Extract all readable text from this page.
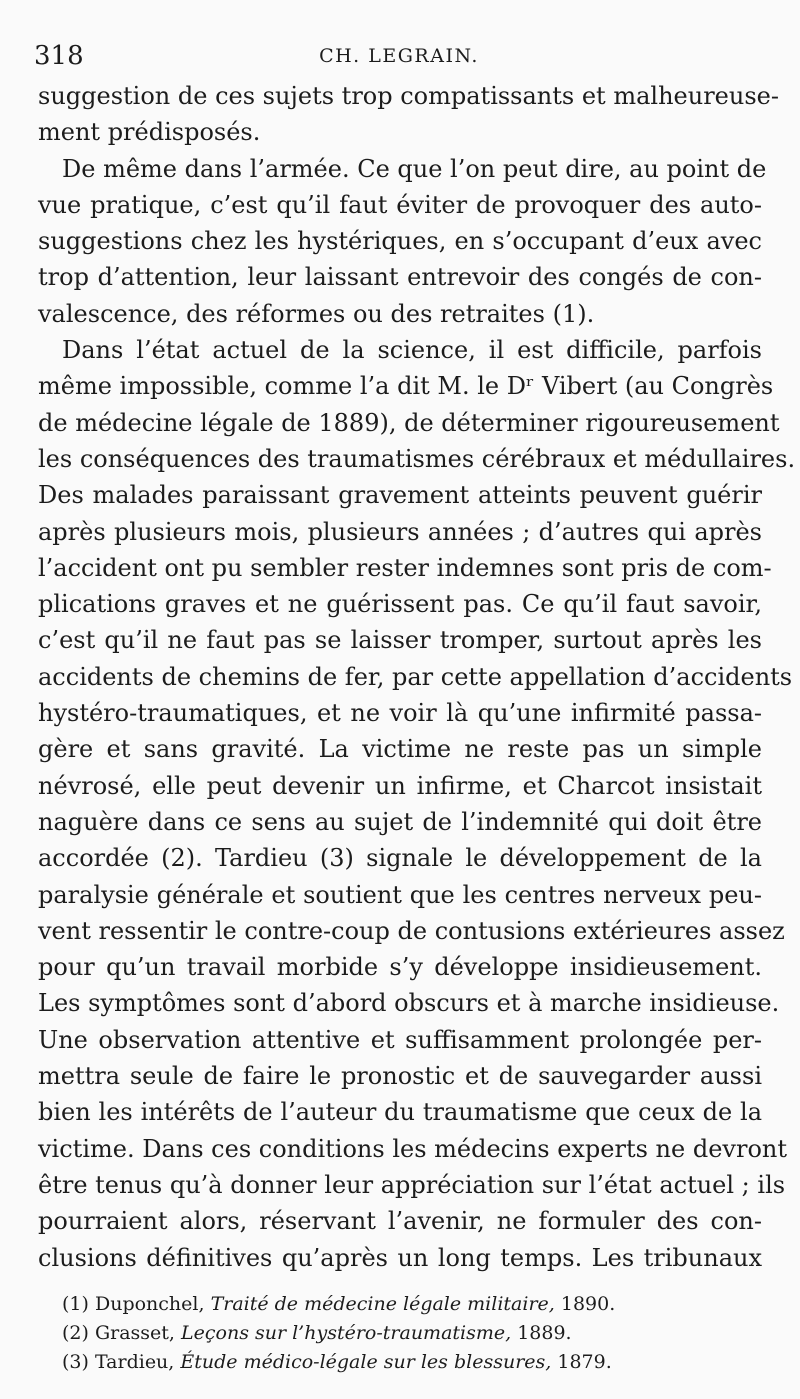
318	CH. LEGRAIN.
suggestion de ces sujets trop compatissants et malheureuse-
ment prédisposés.
De même dans l’armée. Ce que l’on peut dire, au point de
vue pratique, c’est qu’il faut éviter de provoquer des auto-
suggestions chez les hystériques, en s’occupant d’eux avec
trop d’attention, leur laissant entrevoir des congés de con-
valescence, des réformes ou des retraites (1).
Dans l’état actuel de la science, il est difficile, parfois
même impossible, comme l’a dit M. le Dʳ Vibert (au Congrès
de médecine légale de 1889), de déterminer rigoureusement
les conséquences des traumatismes cérébraux et médullaires.
Des malades paraissant gravement atteints peuvent guérir
après plusieurs mois, plusieurs années ; d’autres qui après
l’accident ont pu sembler rester indemnes sont pris de com-
plications graves et ne guérissent pas. Ce qu’il faut savoir,
c’est qu’il ne faut pas se laisser tromper, surtout après les
accidents de chemins de fer, par cette appellation d’accidents
hystéro-traumatiques, et ne voir là qu’une infirmité passa-
gère et sans gravité. La victime ne reste pas un simple
névrosé, elle peut devenir un infirme, et Charcot insistait
naguère dans ce sens au sujet de l’indemnité qui doit être
accordée (2). Tardieu (3) signale le développement de la
paralysie générale et soutient que les centres nerveux peu-
vent ressentir le contre-coup de contusions extérieures assez
pour qu’un travail morbide s’y développe insidieusement.
Les symptômes sont d’abord obscurs et à marche insidieuse.
Une observation attentive et suffisamment prolongée per-
mettra seule de faire le pronostic et de sauvegarder aussi
bien les intérêts de l’auteur du traumatisme que ceux de la
victime. Dans ces conditions les médecins experts ne devront
être tenus qu’à donner leur appréciation sur l’état actuel ; ils
pourraient alors, réservant l’avenir, ne formuler des con-
clusions définitives qu’après un long temps. Les tribunaux
(1) Duponchel, Traité de médecine légale militaire, 1890.
(2) Grasset, Leçons sur l’hystéro-traumatisme, 1889.
(3) Tardieu, Étude médico-légale sur les blessures, 1879.
